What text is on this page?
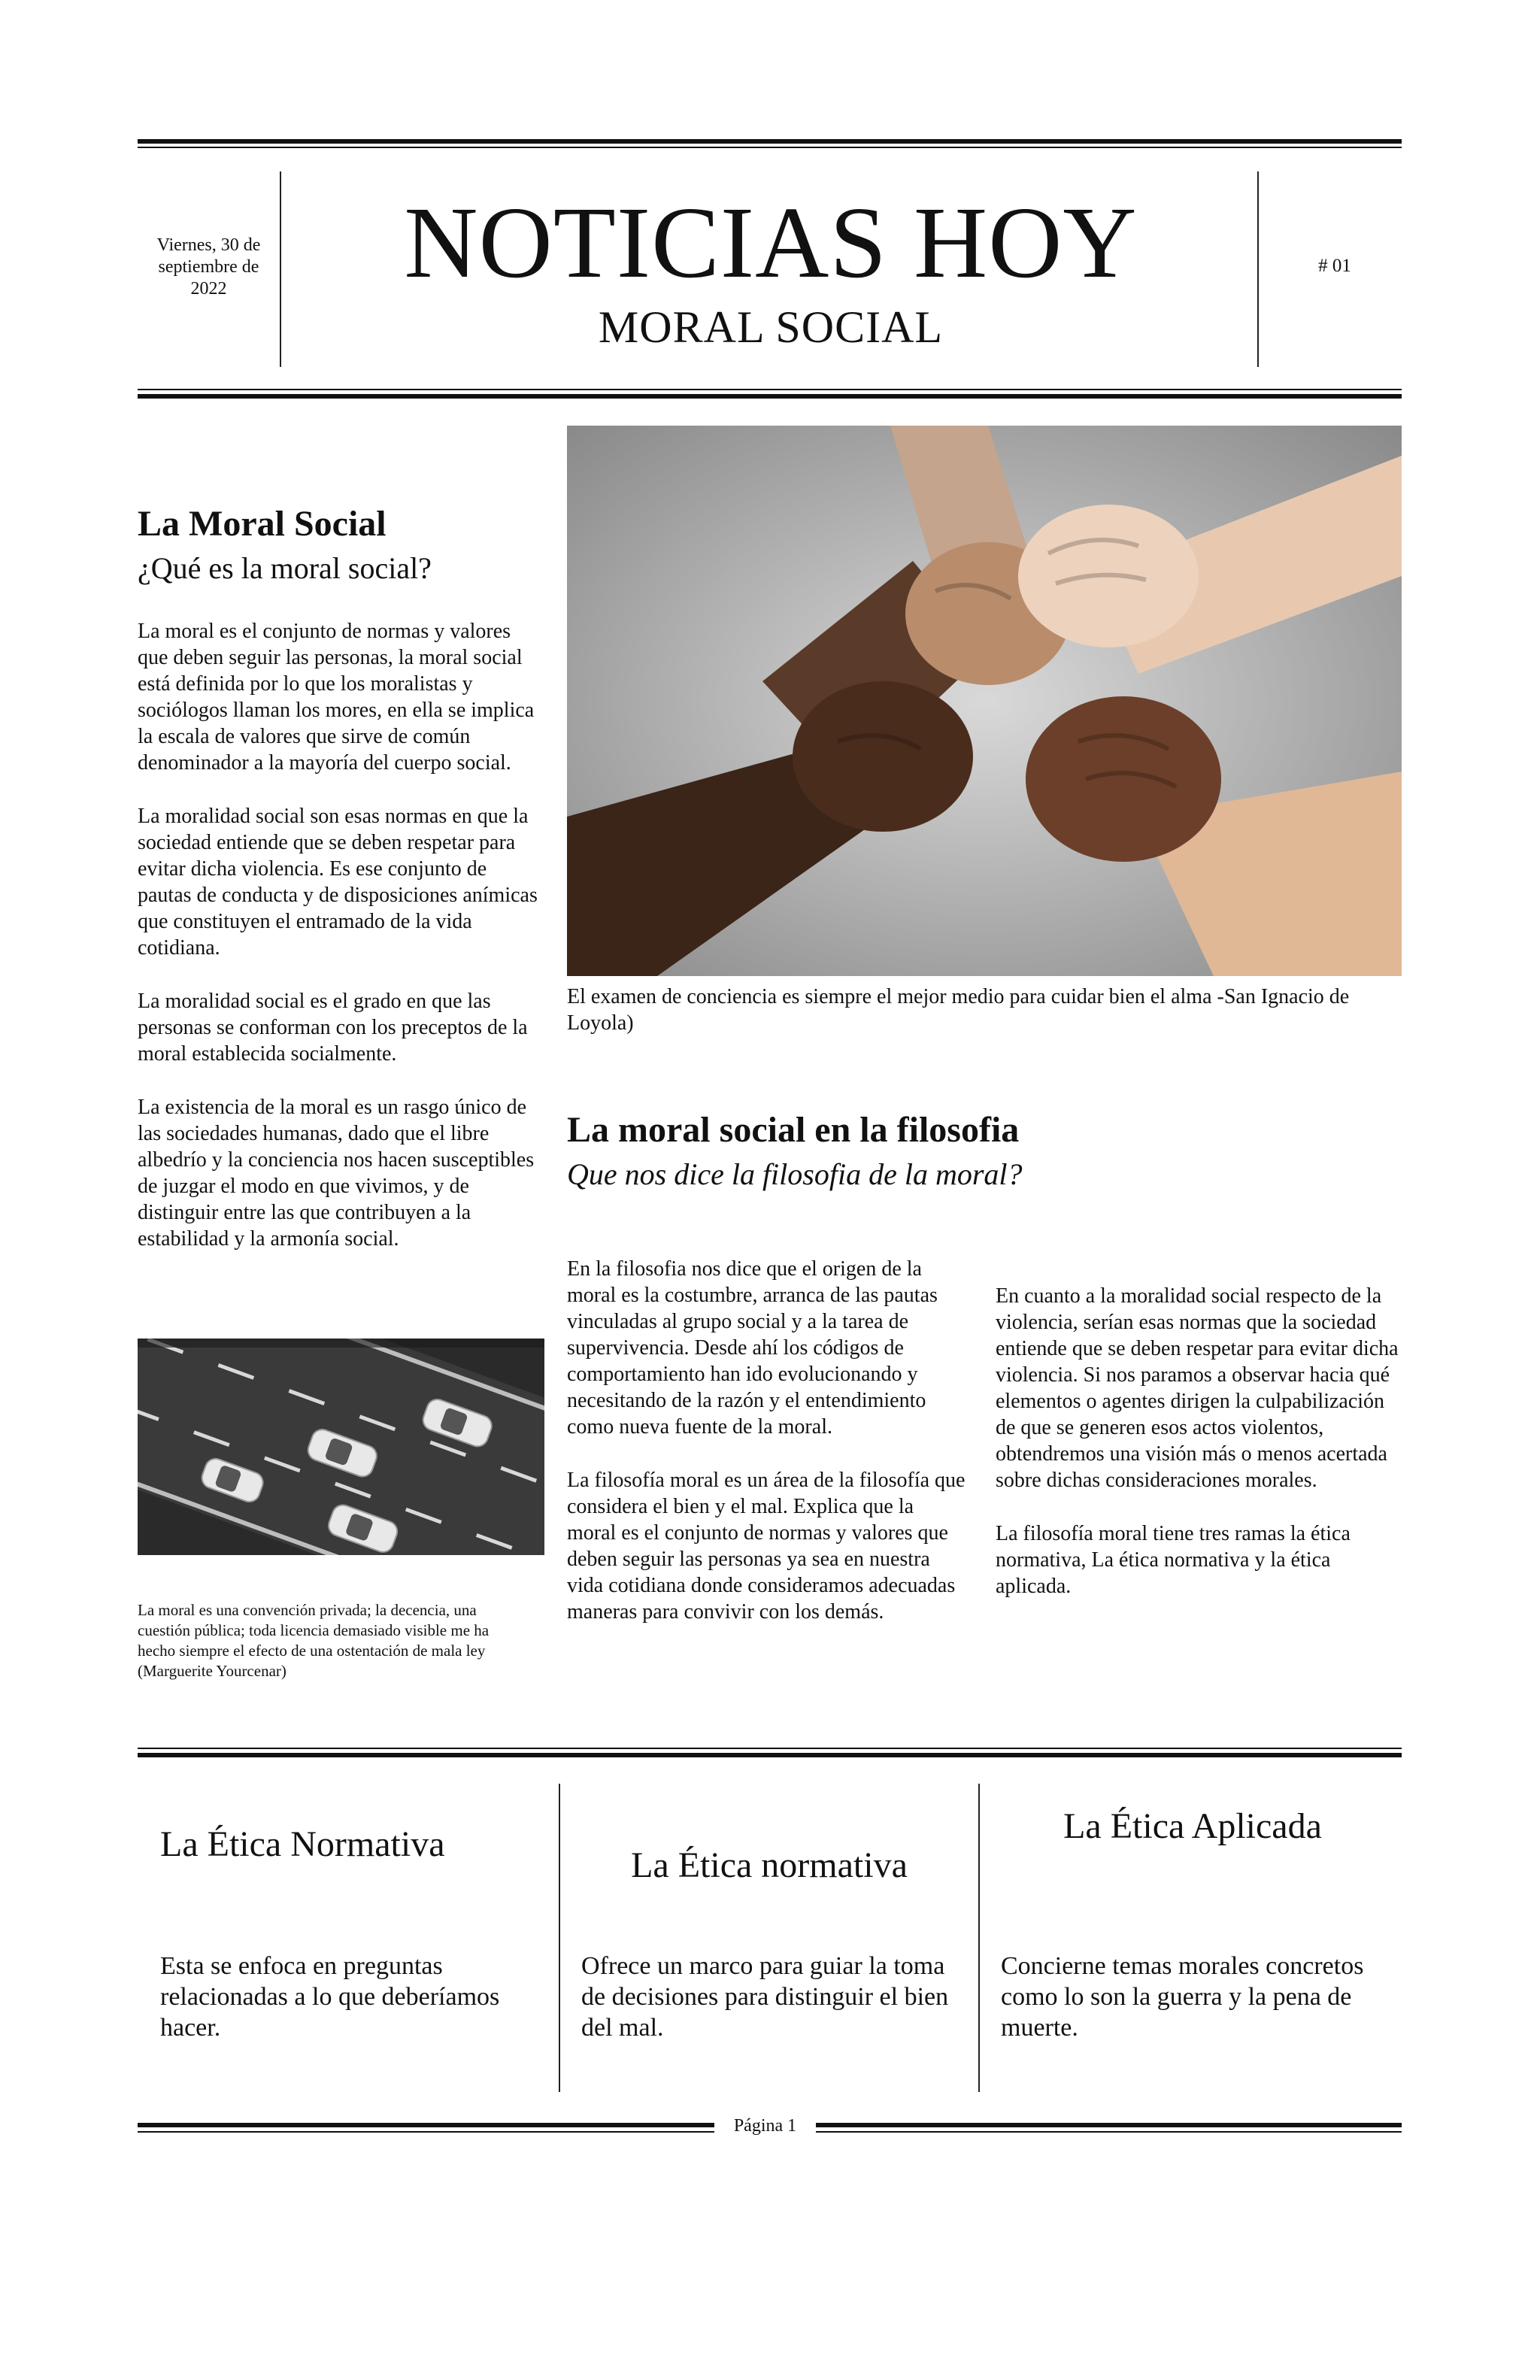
Viernes, 30 de septiembre de 2022	NOTICIAS HOY
MORAL SOCIAL
# 01
La Moral Social
¿Qué es la moral social?

La moral es el conjunto de normas y valores que deben seguir las personas, la moral social está definida por lo que los moralistas y sociólogos llaman los mores, en ella se implica la escala de valores que sirve de común denominador a la mayoría del cuerpo social.

La moralidad social son esas normas en que la sociedad entiende que se deben respetar para evitar dicha violencia. Es ese conjunto de pautas de conducta y de disposiciones anímicas que constituyen el entramado de la vida cotidiana.

La moralidad social es el grado en que las personas se conforman con los preceptos de la moral establecida socialmente.

La existencia de la moral es un rasgo único de las sociedades humanas, dado que el libre albedrío y la conciencia nos hacen susceptibles de juzgar el modo en que vivimos, y de distinguir entre las que contribuyen a la estabilidad y la armonía social.

La moral es una convención privada; la decencia, una cuestión pública; toda licencia demasiado visible me ha hecho siempre el efecto de una ostentación de mala ley (Marguerite Yourcenar)
El examen de conciencia es siempre el mejor medio para cuidar bien el alma -San Ignacio de Loyola)
La moral social en la filosofia
Que nos dice la filosofia de la moral?

En la filosofia nos dice que el origen de la moral es la costumbre, arranca de las pautas vinculadas al grupo social y a la tarea de supervivencia. Desde ahí los códigos de comportamiento han ido evolucionando y necesitando de la razón y el entendimiento como nueva fuente de la moral.

La filosofía moral es un área de la filosofía que considera el bien y el mal. Explica que la moral es el conjunto de normas y valores que deben seguir las personas ya sea en nuestra vida cotidiana donde consideramos adecuadas maneras para convivir con los demás.

En cuanto a la moralidad social respecto de la violencia, serían esas normas que la sociedad entiende que se deben respetar para evitar dicha violencia. Si nos paramos a observar hacia qué elementos o agentes dirigen la culpabilización de que se generen esos actos violentos, obtendremos una visión más o menos acertada sobre dichas consideraciones morales.

La filosofía moral tiene tres ramas la ética normativa, La ética normativa y la ética aplicada.

La Ética Normativa
Esta se enfoca en preguntas relacionadas a lo que deberíamos hacer.
La Ética normativa
Ofrece un marco para guiar la toma de decisiones para distinguir el bien del mal.
La Ética Aplicada
Concierne temas morales concretos como lo son la guerra y la pena de muerte.
Página 1
